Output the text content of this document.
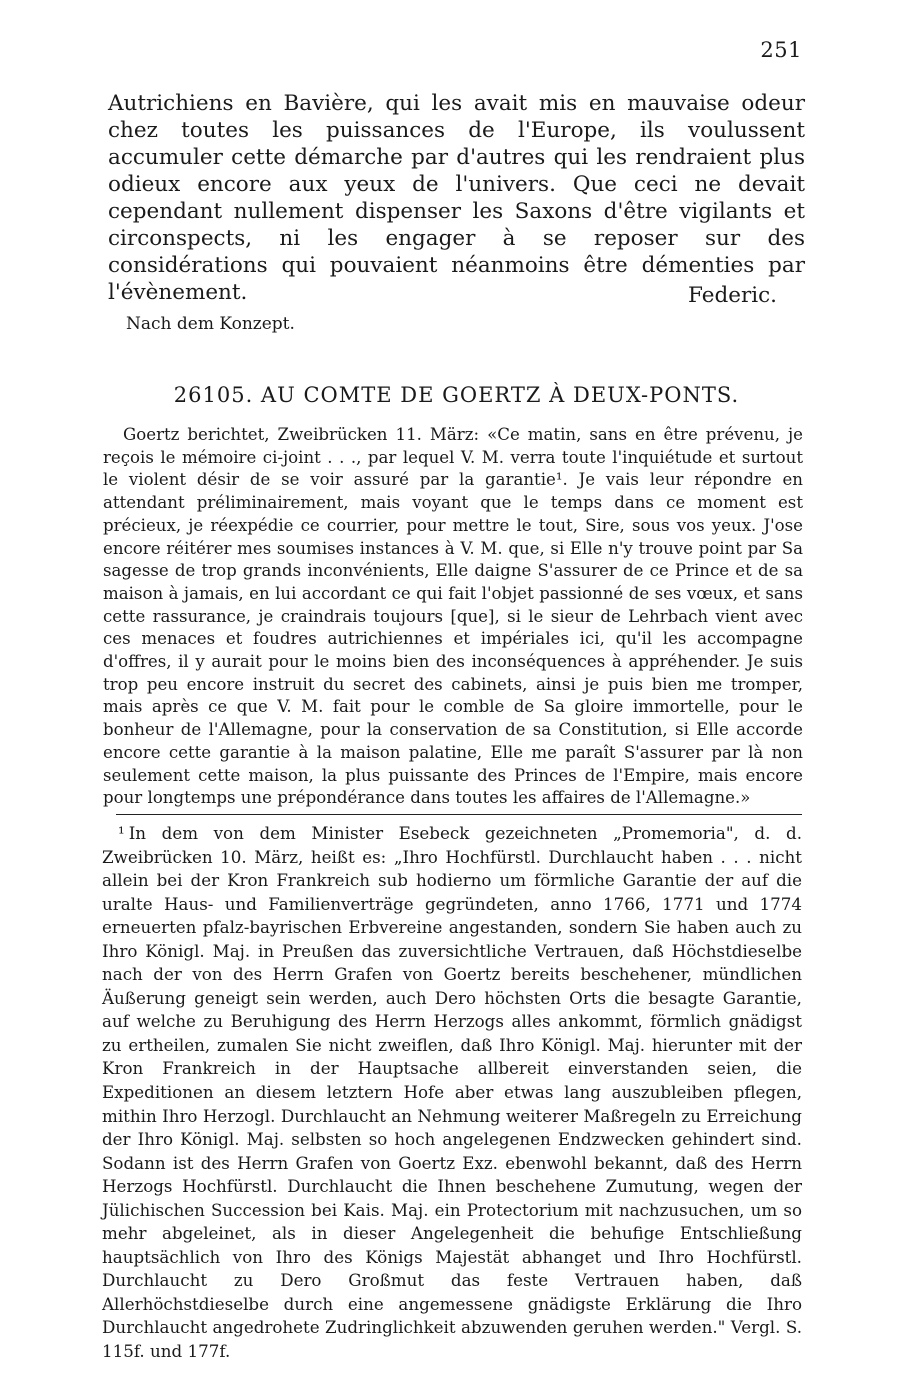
251

Autrichiens en Bavière, qui les avait mis en mauvaise odeur chez toutes les puissances de l'Europe, ils voulussent accumuler cette démarche par d'autres qui les rendraient plus odieux encore aux yeux de l'univers. Que ceci ne devait cependant nullement dispenser les Saxons d'être vigilants et circonspects, ni les engager à se reposer sur des considérations qui pouvaient néanmoins être démenties par l'évènement.	Federic.
Nach dem Konzept.
26105. AU COMTE DE GOERTZ À DEUX-PONTS.

Goertz berichtet, Zweibrücken 11. März: «Ce matin, sans en être prévenu, je reçois le mémoire ci-joint . . ., par lequel V. M. verra toute l'inquiétude et surtout le violent désir de se voir assuré par la garantie¹. Je vais leur répondre en attendant préliminairement, mais voyant que le temps dans ce moment est précieux, je réexpédie ce courrier, pour mettre le tout, Sire, sous vos yeux. J'ose encore réitérer mes soumises instances à V. M. que, si Elle n'y trouve point par Sa sagesse de trop grands inconvénients, Elle daigne S'assurer de ce Prince et de sa maison à jamais, en lui accordant ce qui fait l'objet passionné de ses vœux, et sans cette rassurance, je craindrais toujours [que], si le sieur de Lehrbach vient avec ces menaces et foudres autrichiennes et impériales ici, qu'il les accompagne d'offres, il y aurait pour le moins bien des inconséquences à appréhender. Je suis trop peu encore instruit du secret des cabinets, ainsi je puis bien me tromper, mais après ce que V. M. fait pour le comble de Sa gloire immortelle, pour le bonheur de l'Allemagne, pour la conservation de sa Constitution, si Elle accorde encore cette garantie à la maison palatine, Elle me paraît S'assurer par là non seulement cette maison, la plus puissante des Princes de l'Empire, mais encore pour longtemps une prépondérance dans toutes les affaires de l'Allemagne.»

¹ In dem von dem Minister Esebeck gezeichneten „Promemoria", d. d. Zweibrücken 10. März, heißt es: „Ihro Hochfürstl. Durchlaucht haben . . . nicht allein bei der Kron Frankreich sub hodierno um förmliche Garantie der auf die uralte Haus- und Familienverträge gegründeten, anno 1766, 1771 und 1774 erneuerten pfalz-bayrischen Erbvereine angestanden, sondern Sie haben auch zu Ihro Königl. Maj. in Preußen das zuversichtliche Vertrauen, daß Höchstdieselbe nach der von des Herrn Grafen von Goertz bereits beschehener, mündlichen Äußerung geneigt sein werden, auch Dero höchsten Orts die besagte Garantie, auf welche zu Beruhigung des Herrn Herzogs alles ankommt, förmlich gnädigst zu ertheilen, zumalen Sie nicht zweiflen, daß Ihro Königl. Maj. hierunter mit der Kron Frankreich in der Hauptsache allbereit einverstanden seien, die Expeditionen an diesem letztern Hofe aber etwas lang auszubleiben pflegen, mithin Ihro Herzogl. Durchlaucht an Nehmung weiterer Maßregeln zu Erreichung der Ihro Königl. Maj. selbsten so hoch angelegenen Endzwecken gehindert sind. Sodann ist des Herrn Grafen von Goertz Exz. ebenwohl bekannt, daß des Herrn Herzogs Hochfürstl. Durchlaucht die Ihnen beschehene Zumutung, wegen der Jülichischen Succession bei Kais. Maj. ein Protectorium mit nachzusuchen, um so mehr abgeleinet, als in dieser Angelegenheit die behufige Entschließung hauptsächlich von Ihro des Königs Majestät abhanget und Ihro Hochfürstl. Durchlaucht zu Dero Großmut das feste Vertrauen haben, daß Allerhöchstdieselbe durch eine angemessene gnädigste Erklärung die Ihro Durchlaucht angedrohete Zudringlichkeit abzuwenden geruhen werden." Vergl. S. 115f. und 177f.
